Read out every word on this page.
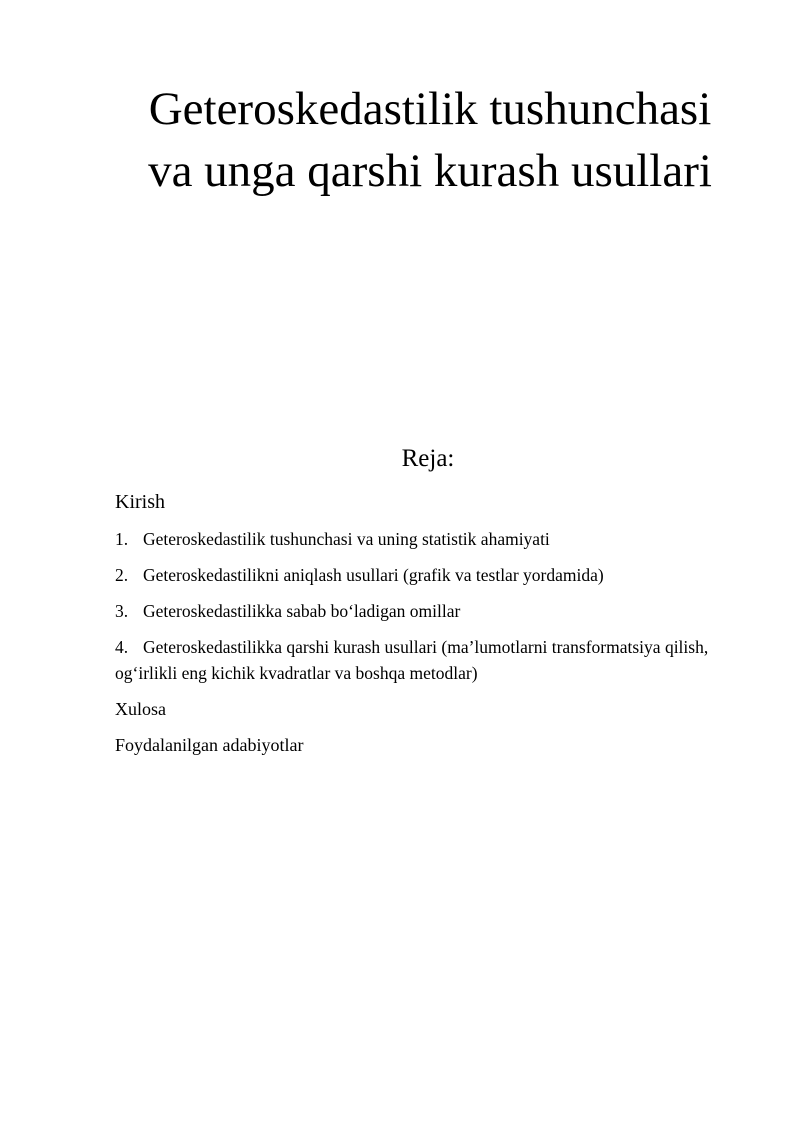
Geteroskedastilik tushunchasi
va unga qarshi kurash usullari
Reja:

Kirish

1. Geteroskedastilik tushunchasi va uning statistik ahamiyati
2. Geteroskedastilikni aniqlash usullari (grafik va testlar yordamida)
3. Geteroskedastilikka sabab bo‘ladigan omillar
4. Geteroskedastilikka qarshi kurash usullari (ma’lumotlarni transformatsiya qilish, og‘irlikli eng kichik kvadratlar va boshqa metodlar)

Xulosa

Foydalanilgan adabiyotlar
